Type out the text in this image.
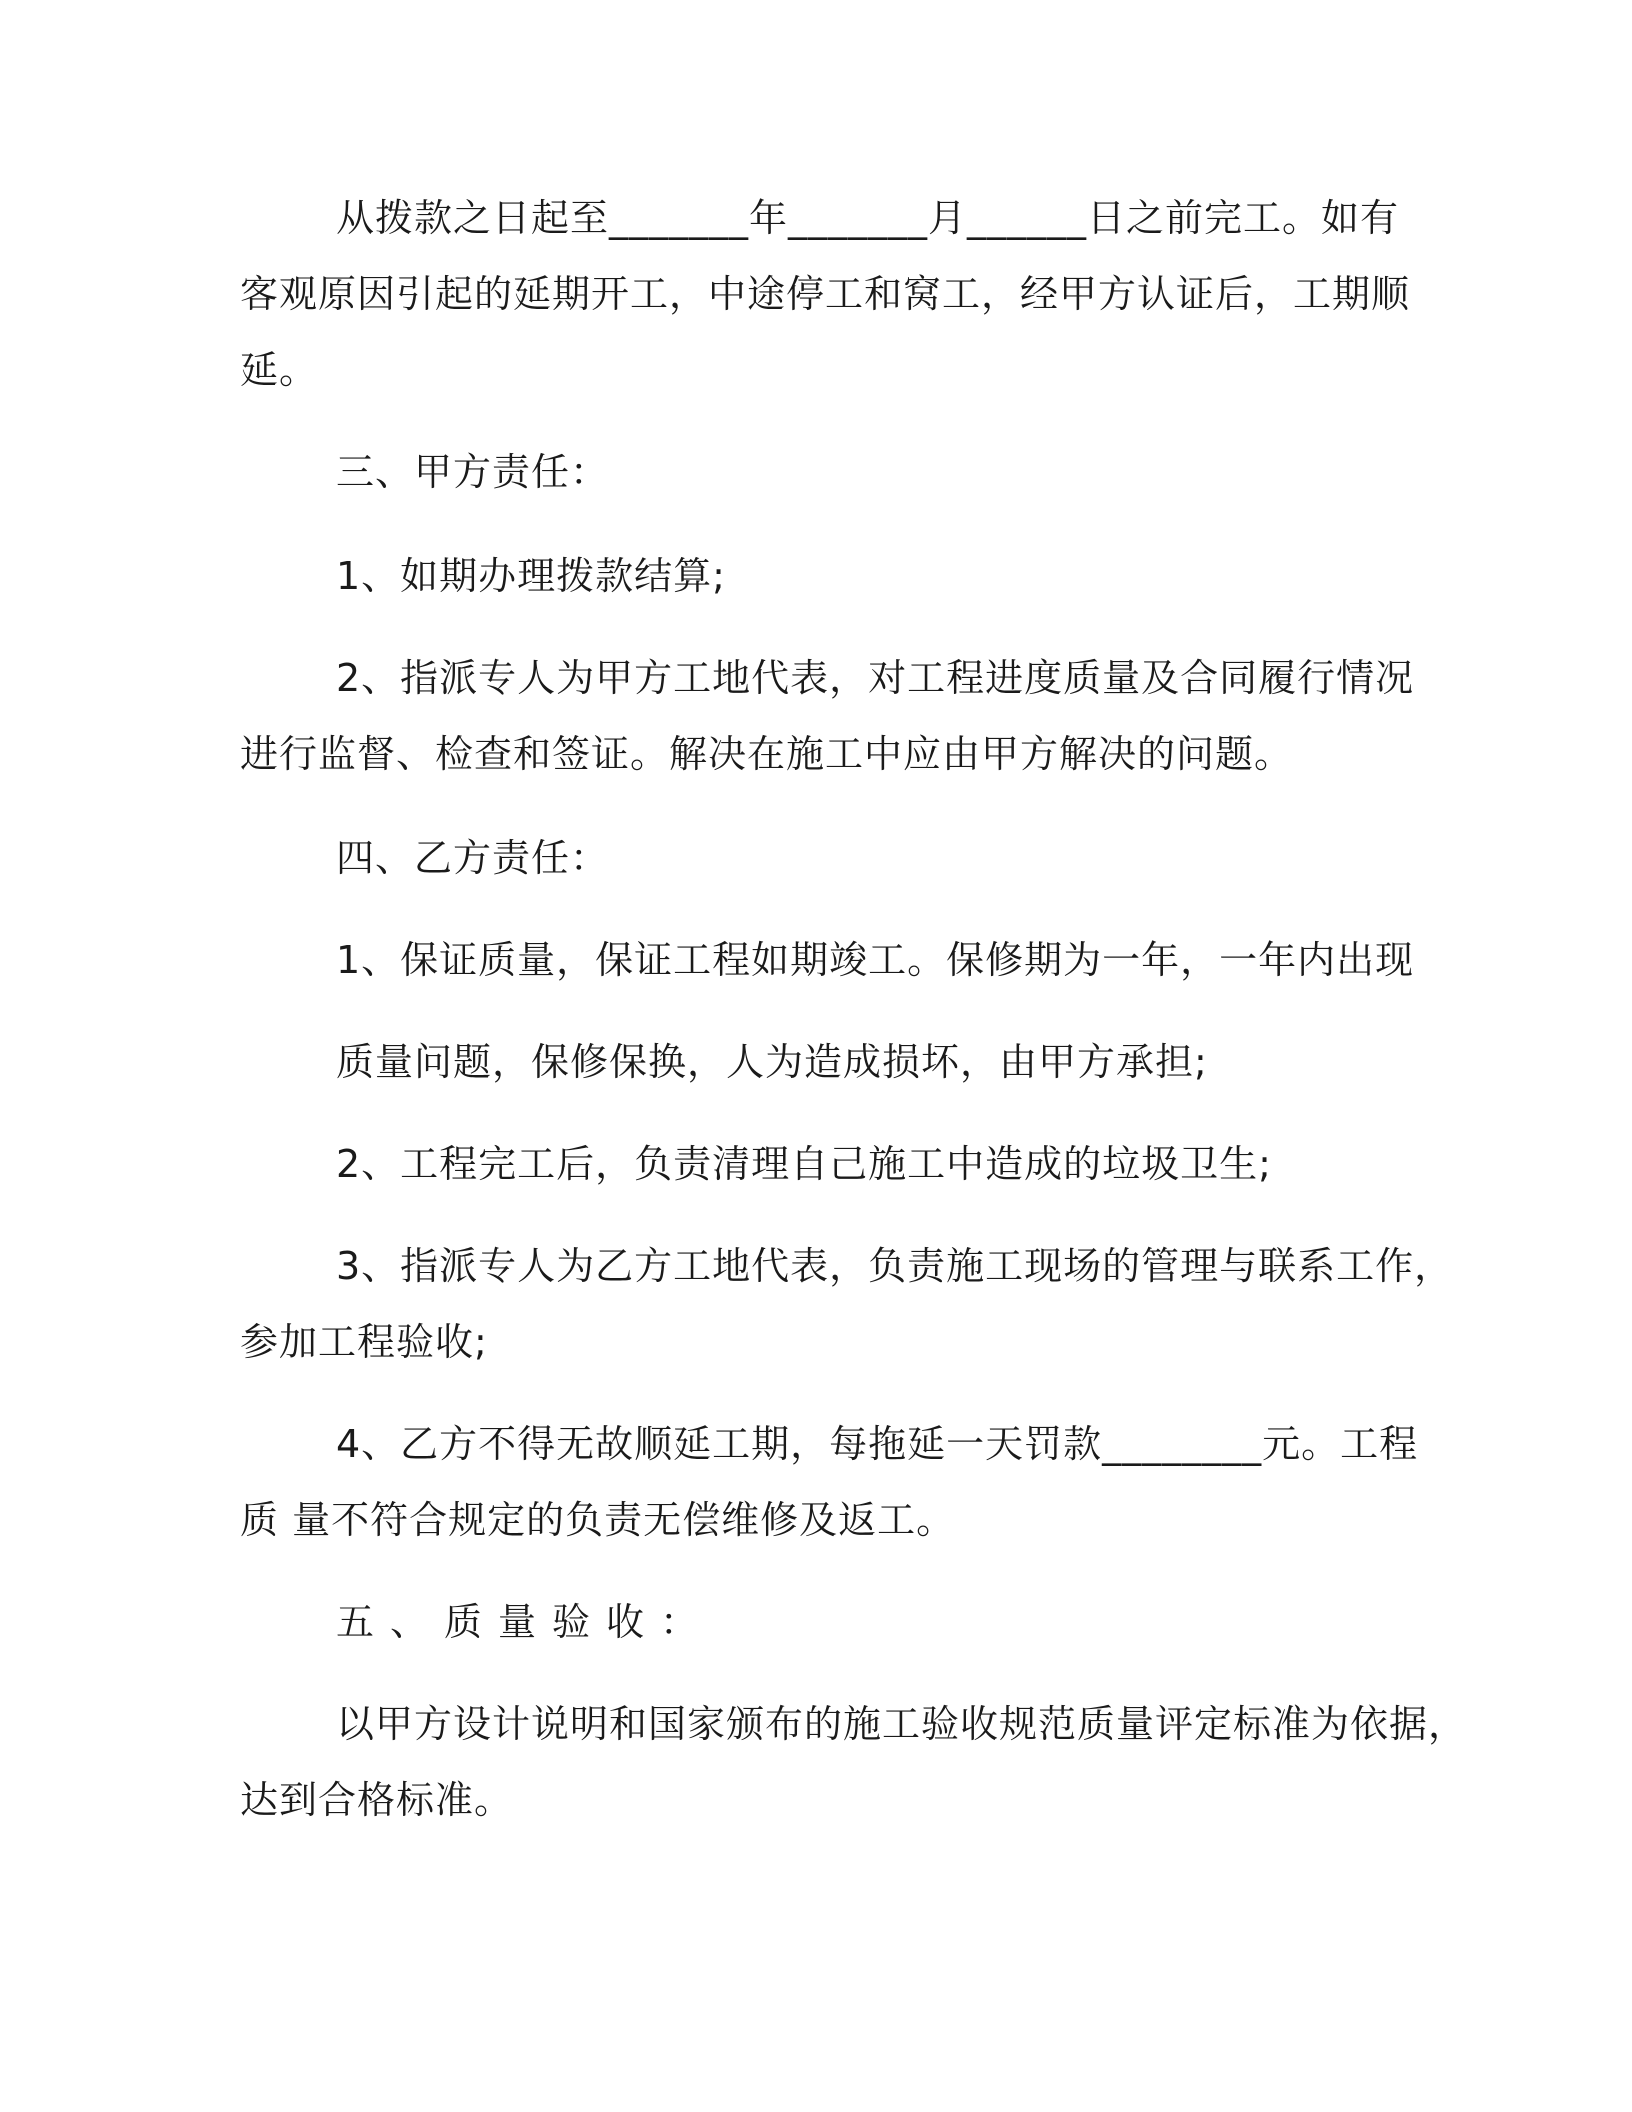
从拨款之日起至_______年_______月______日之前完工。如有
客观原因引起的延期开工，中途停工和窝工，经甲方认证后，工期顺
延。
三、甲方责任：
1、如期办理拨款结算;
2、指派专人为甲方工地代表，对工程进度质量及合同履行情况
进行监督、检查和签证。解决在施工中应由甲方解决的问题。
四、乙方责任：
1、保证质量，保证工程如期竣工。保修期为一年，一年内出现
质量问题，保修保换，人为造成损坏，由甲方承担;
2、工程完工后，负责清理自己施工中造成的垃圾卫生;
3、指派专人为乙方工地代表，负责施工现场的管理与联系工作，
参加工程验收;
4、乙方不得无故顺延工期，每拖延一天罚款________元。工程
质 量不符合规定的负责无偿维修及返工。
五、质量验收：
以甲方设计说明和国家颁布的施工验收规范质量评定标准为依据，
达到合格标准。
